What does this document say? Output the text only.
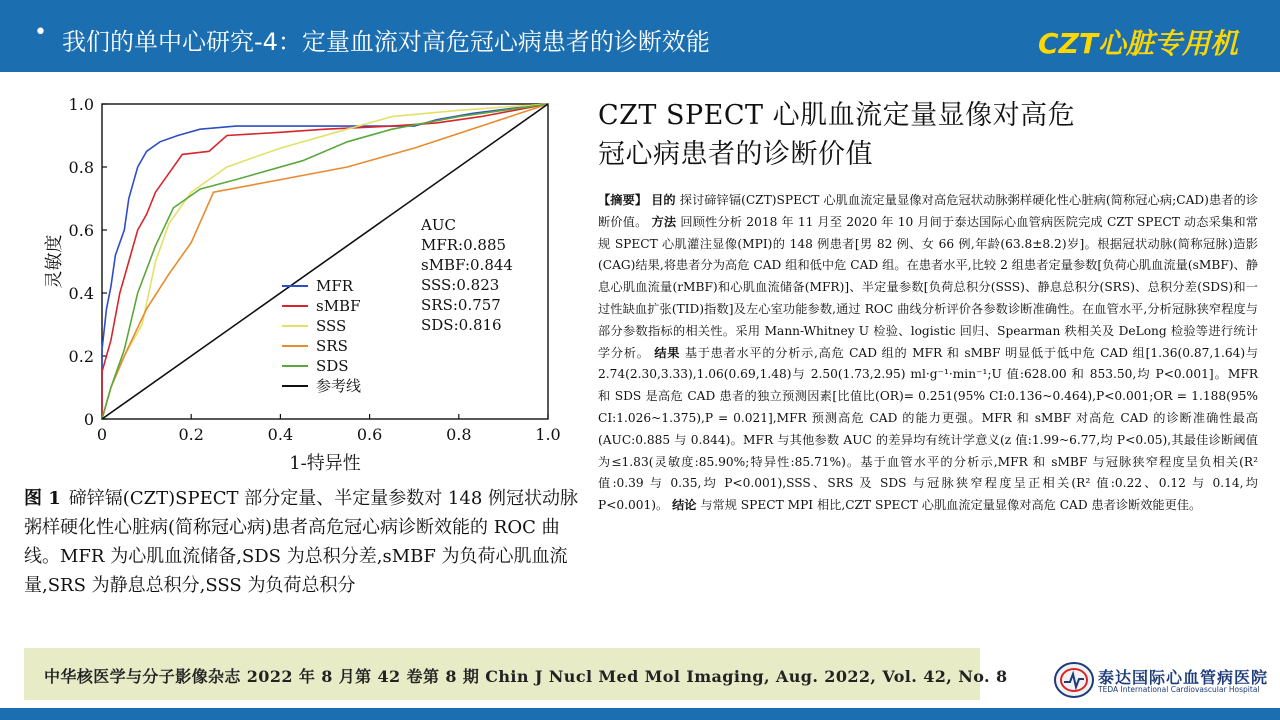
• 我们的单中心研究-4：定量血流对高危冠心病患者的诊断效能	CZT心脏专用机
0
0
0.2
0.2
0.4
0.4
0.6
0.6
0.8
0.8
1.0
1.0
1-特异性
灵敏度	MFR
sMBF
SSS
SRS
SDS
参考线
AUC
MFR:0.885
sMBF:0.844
SSS:0.823
SRS:0.757
SDS:0.816
图 1 碲锌镉(CZT)SPECT 部分定量、半定量参数对 148 例冠状动脉粥样硬化性心脏病(简称冠心病)患者高危冠心病诊断效能的 ROC 曲线。MFR 为心肌血流储备,SDS 为总积分差,sMBF 为负荷心肌血流量,SRS 为静息总积分,SSS 为负荷总积分
CZT SPECT 心肌血流定量显像对高危
冠心病患者的诊断价值
【摘要】 目的 探讨碲锌镉(CZT)SPECT 心肌血流定量显像对高危冠状动脉粥样硬化性心脏病(简称冠心病;CAD)患者的诊断价值。 方法 回顾性分析 2018 年 11 月至 2020 年 10 月间于泰达国际心血管病医院完成 CZT SPECT 动态采集和常规 SPECT 心肌灌注显像(MPI)的 148 例患者[男 82 例、女 66 例,年龄(63.8±8.2)岁]。根据冠状动脉(简称冠脉)造影(CAG)结果,将患者分为高危 CAD 组和低中危 CAD 组。在患者水平,比较 2 组患者定量参数[负荷心肌血流量(sMBF)、静息心肌血流量(rMBF)和心肌血流储备(MFR)]、半定量参数[负荷总积分(SSS)、静息总积分(SRS)、总积分差(SDS)和一过性缺血扩张(TID)指数]及左心室功能参数,通过 ROC 曲线分析评价各参数诊断准确性。在血管水平,分析冠脉狭窄程度与部分参数指标的相关性。采用 Mann-Whitney U 检验、logistic 回归、Spearman 秩相关及 DeLong 检验等进行统计学分析。 结果 基于患者水平的分析示,高危 CAD 组的 MFR 和 sMBF 明显低于低中危 CAD 组[1.36(0.87,1.64)与 2.74(2.30,3.33),1.06(0.69,1.48)与 2.50(1.73,2.95) ml·g⁻¹·min⁻¹;U 值:628.00 和 853.50,均 P<0.001]。MFR 和 SDS 是高危 CAD 患者的独立预测因素[比值比(OR)= 0.251(95% CI:0.136~0.464),P<0.001;OR = 1.188(95% CI:1.026~1.375),P = 0.021],MFR 预测高危 CAD 的能力更强。MFR 和 sMBF 对高危 CAD 的诊断准确性最高(AUC:0.885 与 0.844)。MFR 与其他参数 AUC 的差异均有统计学意义(z 值:1.99~6.77,均 P<0.05),其最佳诊断阈值为≤1.83(灵敏度:85.90%;特异性:85.71%)。基于血管水平的分析示,MFR 和 sMBF 与冠脉狭窄程度呈负相关(R² 值:0.39 与 0.35,均 P<0.001),SSS、SRS 及 SDS 与冠脉狭窄程度呈正相关(R² 值:0.22、0.12 与 0.14,均 P<0.001)。 结论 与常规 SPECT MPI 相比,CZT SPECT 心肌血流定量显像对高危 CAD 患者诊断效能更佳。
中华核医学与分子影像杂志 2022 年 8 月第 42 卷第 8 期 Chin J Nucl Med Mol Imaging, Aug. 2022, Vol. 42, No. 8	泰达国际心血管病医院
TEDA International Cardiovascular Hospital
